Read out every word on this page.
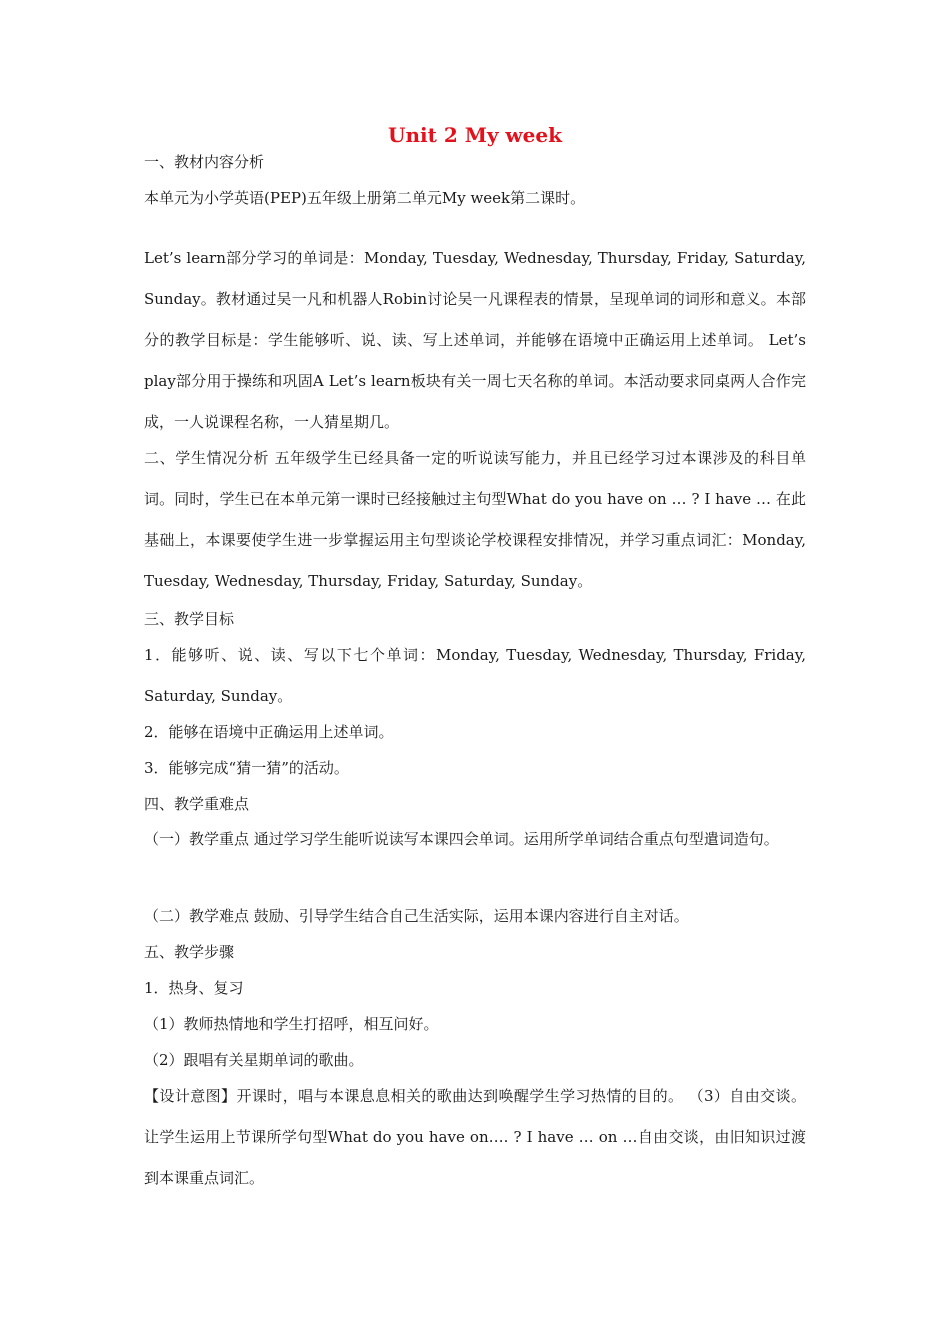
Unit 2 My week
一、教材内容分析
本单元为小学英语(PEP)五年级上册第二单元My week第二课时。
Let’s learn部分学习的单词是：Monday, Tuesday, Wednesday, Thursday, Friday, Saturday, Sunday。教材通过吴一凡和机器人Robin讨论吴一凡课程表的情景，呈现单词的词形和意义。本部分的教学目标是：学生能够听、说、读、写上述单词，并能够在语境中正确运用上述单词。 Let’s play部分用于操练和巩固A Let’s learn板块有关一周七天名称的单词。本活动要求同桌两人合作完成，一人说课程名称，一人猜星期几。
二、学生情况分析 五年级学生已经具备一定的听说读写能力，并且已经学习过本课涉及的科目单词。同时，学生已在本单元第一课时已经接触过主句型What do you have on … ? I have … 在此基础上，本课要使学生进一步掌握运用主句型谈论学校课程安排情况，并学习重点词汇：Monday, Tuesday, Wednesday, Thursday, Friday, Saturday, Sunday。
三、教学目标
1．能够听、说、读、写以下七个单词：Monday, Tuesday, Wednesday, Thursday, Friday, Saturday, Sunday。
2．能够在语境中正确运用上述单词。
3．能够完成“猜一猜”的活动。
四、教学重难点
（一）教学重点 通过学习学生能听说读写本课四会单词。运用所学单词结合重点句型遣词造句。
（二）教学难点 鼓励、引导学生结合自己生活实际，运用本课内容进行自主对话。
五、教学步骤
1．热身、复习
（1）教师热情地和学生打招呼，相互问好。
（2）跟唱有关星期单词的歌曲。
【设计意图】开课时，唱与本课息息相关的歌曲达到唤醒学生学习热情的目的。 （3）自由交谈。 让学生运用上节课所学句型What do you have on…. ? I have … on …自由交谈，由旧知识过渡到本课重点词汇。
